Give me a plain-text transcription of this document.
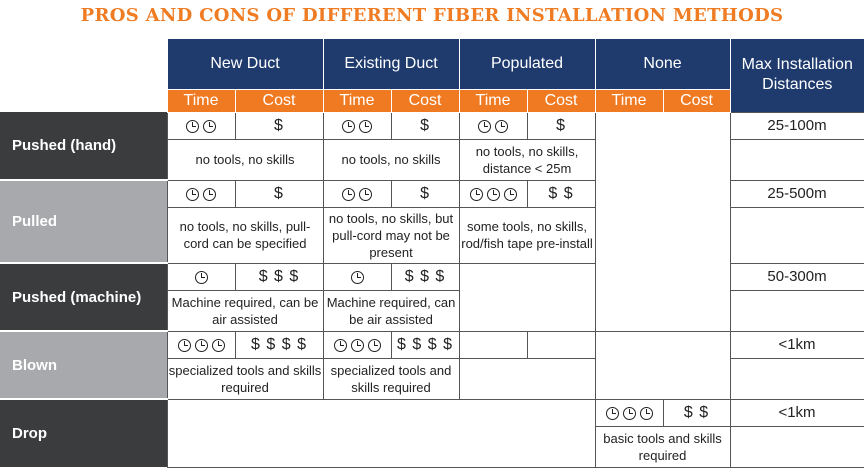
PROS AND CONS OF DIFFERENT FIBER INSTALLATION METHODS
	New Duct		Existing Duct		Populated		None		Max Installation Distances
	Time	Cost	Time	Cost	Time	Cost	Time	Cost	
Pushed (hand)		$		$		$			25-100m
	no tools, no skills		no tools, no skills		no tools, no skills, distance < 25m				
Pulled		$		$		$ $			25-500m
	no tools, no skills, pull-cord can be specified		no tools, no skills, but pull-cord may not be present		some tools, no skills, rod/fish tape pre-install				
Pushed (machine)		$ $ $		$ $ $					50-300m
	Machine required, can be air assisted		Machine required, can be air assisted						
Blown		$ $ $ $		$ $ $ $					<1km
	specialized tools and skills required		specialized tools and skills required						
Drop								$ $	<1km
							basic tools and skills required		
